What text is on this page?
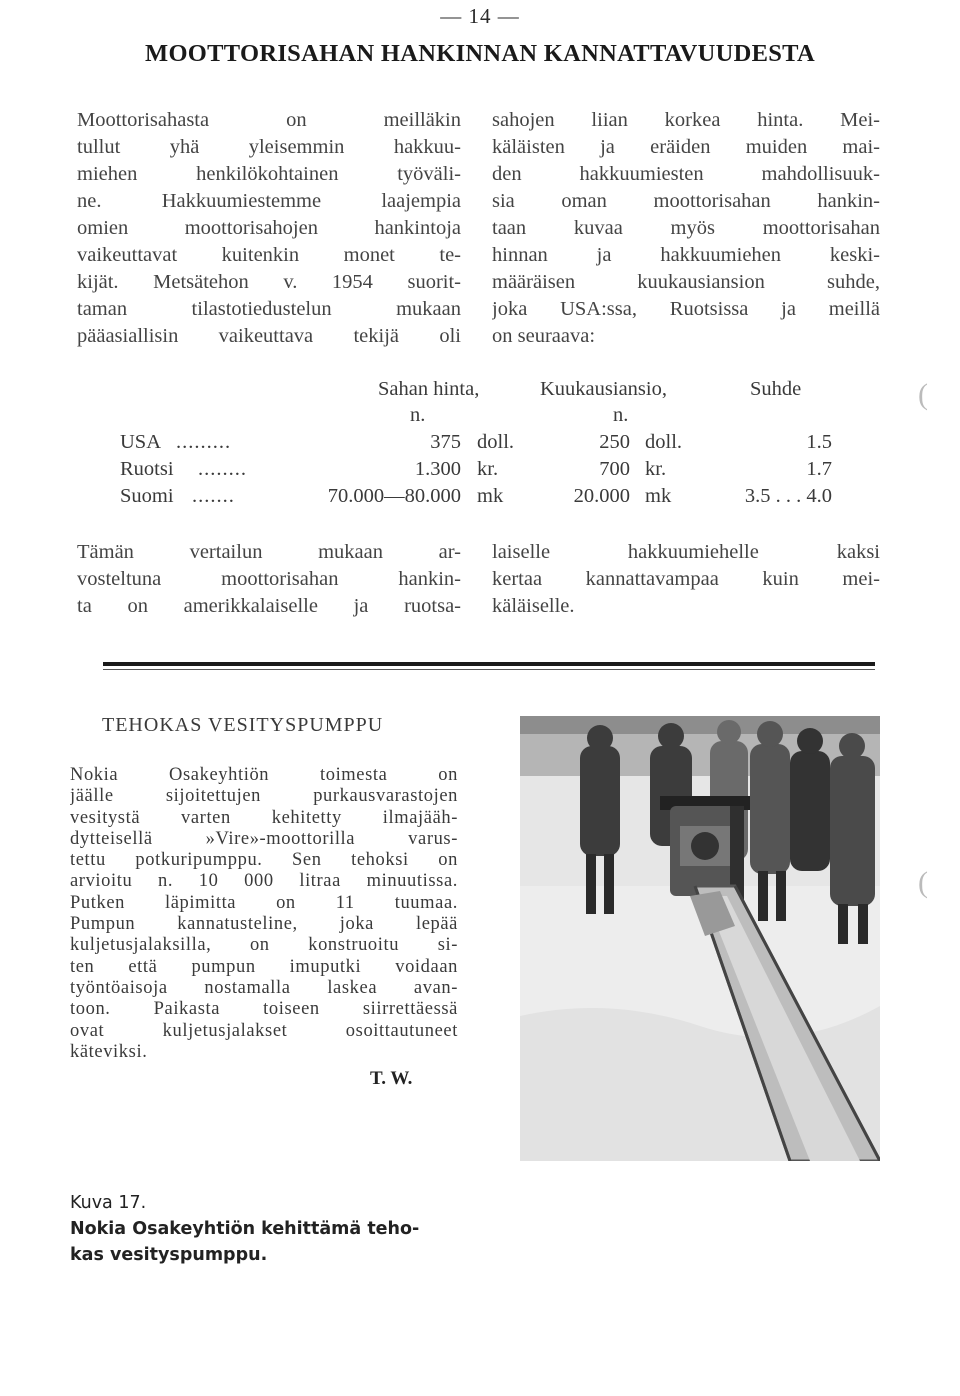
— 14 —
MOOTTORISAHAN HANKINNAN KANNATTAVUUDESTA
Moottorisahasta on meilläkin
tullut yhä yleisemmin hakkuu-
miehen henkilökohtainen työväli-
ne. Hakkuumiestemme laajempia
omien moottorisahojen hankintoja
vaikeuttavat kuitenkin monet te-
kijät. Metsätehon v. 1954 suorit-
taman tilastotiedustelun mukaan
pääasiallisin vaikeuttava tekijä oli
sahojen liian korkea hinta. Mei-
käläisten ja eräiden muiden mai-
den hakkuumiesten mahdollisuuk-
sia oman moottorisahan hankin-
taan kuvaa myös moottorisahan
hinnan ja hakkuumiehen keski-
määräisen kuukausiansion suhde,
joka USA:ssa, Ruotsissa ja meillä
on seuraava:
Sahan hinta,	Kuukausiansio,	Suhde
n.	n.
USA .........	375 doll.	250 doll.	1.5
Ruotsi ........	1.300 kr.	700 kr.	1.7
Suomi .......	70.000—80.000 mk	20.000 mk	3.5 . . . 4.0
Tämän vertailun mukaan ar-
vosteltuna moottorisahan hankin-
ta on amerikkalaiselle ja ruotsa-
laiselle hakkuumiehelle kaksi
kertaa kannattavampaa kuin mei-
käläiselle.
TEHOKAS VESITYSPUMPPU
Nokia Osakeyhtiön toimesta on
jäälle sijoitettujen purkausvarastojen
vesitystä varten kehitetty ilmajääh-
dytteisellä »Vire»-moottorilla varus-
tettu potkuripumppu. Sen tehoksi on
arvioitu n. 10 000 litraa minuutissa.
Putken läpimitta on 11 tuumaa.
Pumpun kannatusteline, joka lepää
kuljetusjalaksilla, on konstruoitu si-
ten että pumpun imuputki voidaan
työntöaisoja nostamalla laskea avan-
toon. Paikasta toiseen siirrettäessä
ovat kuljetusjalakset osoittautuneet
käteviksi.
T. W.
(
(
Kuva 17.
Nokia Osakeyhtiön kehittämä teho-
kas vesityspumppu.
